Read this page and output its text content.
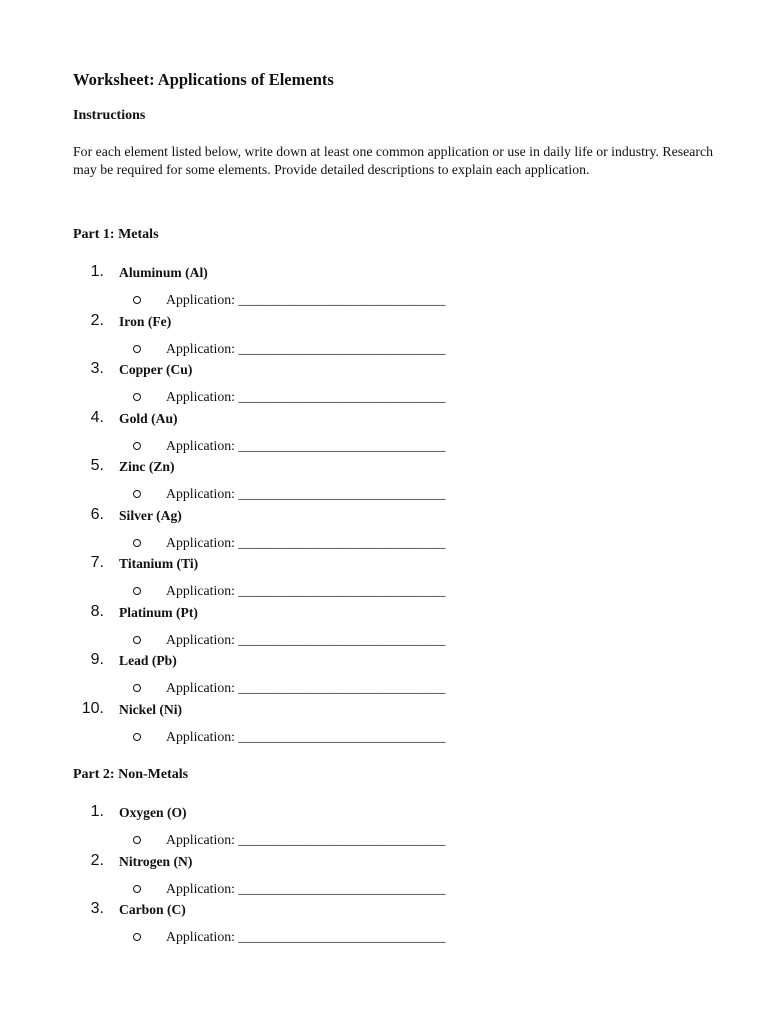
Worksheet: Applications of Elements
Instructions
For each element listed below, write down at least one common application or use in daily life or industry. Research may be required for some elements. Provide detailed descriptions to explain each application.
Part 1: Metals
1. Aluminum (Al)
Application: ______________________________
2. Iron (Fe)
Application: ______________________________
3. Copper (Cu)
Application: ______________________________
4. Gold (Au)
Application: ______________________________
5. Zinc (Zn)
Application: ______________________________
6. Silver (Ag)
Application: ______________________________
7. Titanium (Ti)
Application: ______________________________
8. Platinum (Pt)
Application: ______________________________
9. Lead (Pb)
Application: ______________________________
10. Nickel (Ni)
Application: ______________________________
Part 2: Non-Metals
1. Oxygen (O)
Application: ______________________________
2. Nitrogen (N)
Application: ______________________________
3. Carbon (C)
Application: ______________________________
